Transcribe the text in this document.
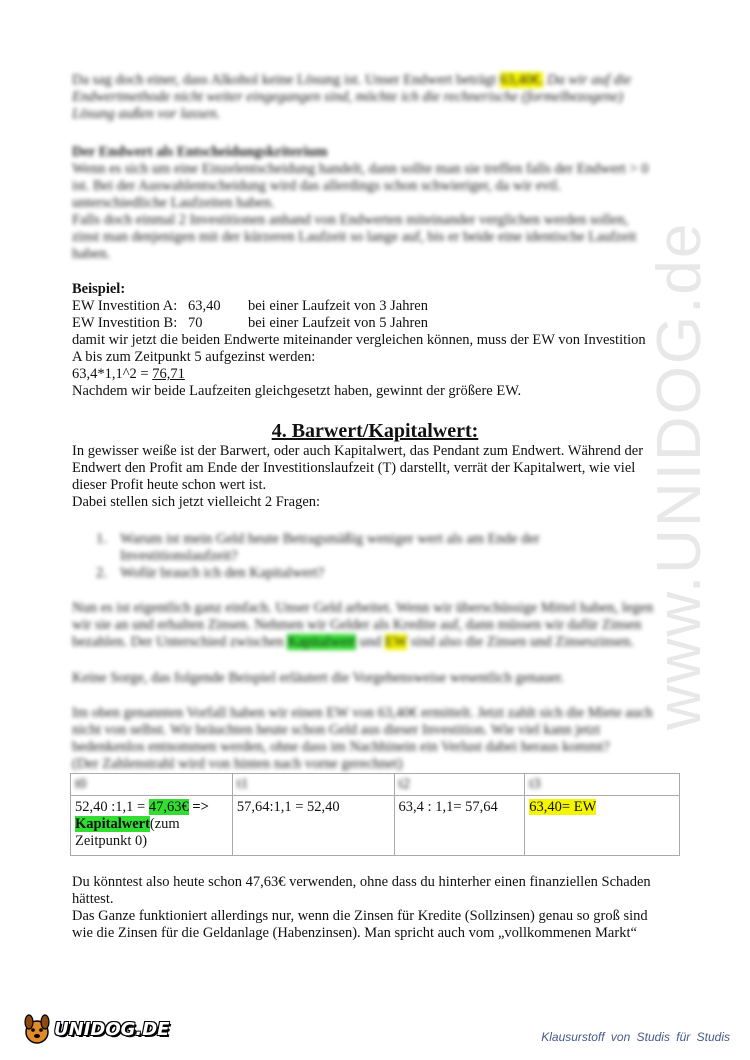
Da sag doch einer, dass Alkohol keine Lösung ist. Unser Endwert beträgt 63,40€. Da wir auf die
Endwertmethode nicht weiter eingegangen sind, möchte ich die rechnerische (formelbezogene)
Lösung außen vor lassen.
Der Endwert als Entscheidungskriterium
Wenn es sich um eine Einzelentscheidung handelt, dann sollte man sie treffen falls der Endwert > 0
ist. Bei der Auswahlentscheidung wird das allerdings schon schwieriger, da wir evtl.
unterschiedliche Laufzeiten haben.
Falls doch einmal 2 Investitionen anhand von Endwerten miteinander verglichen werden sollen,
zinst man denjenigen mit der kürzeren Laufzeit so lange auf, bis er beide eine identische Laufzeit
haben.
Beispiel:
EW Investition A: 63,40	bei einer Laufzeit von 3 Jahren
EW Investition B: 70	bei einer Laufzeit von 5 Jahren
damit wir jetzt die beiden Endwerte miteinander vergleichen können, muss der EW von Investition
A bis zum Zeitpunkt 5 aufgezinst werden:
63,4*1,1^2 = 76,71
Nachdem wir beide Laufzeiten gleichgesetzt haben, gewinnt der größere EW.
4. Barwert/Kapitalwert:
In gewisser weiße ist der Barwert, oder auch Kapitalwert, das Pendant zum Endwert. Während der
Endwert den Profit am Ende der Investitionslaufzeit (T) darstellt, verrät der Kapitalwert, wie viel
dieser Profit heute schon wert ist.
Dabei stellen sich jetzt vielleicht 2 Fragen:
1. Warum ist mein Geld heute Betragsmäßig weniger wert als am Ende der
Investitionslaufzeit?
2. Wofür brauch ich den Kapitalwert?
Nun es ist eigentlich ganz einfach. Unser Geld arbeitet. Wenn wir überschüssige Mittel haben, legen
wir sie an und erhalten Zinsen. Nehmen wir Gelder als Kredite auf, dann müssen wir dafür Zinsen
bezahlen. Der Unterschied zwischen Kapitalwert und EW sind also die Zinsen und Zinseszinsen.
Keine Sorge, das folgende Beispiel erläutert die Vorgehensweise wesentlich genauer.
Im oben genannten Vorfall haben wir einen EW von 63,40€ ermittelt. Jetzt zahlt sich die Miete auch
nicht von selbst. Wir bräuchten heute schon Geld aus dieser Investition. Wie viel kann jetzt
bedenkenlos entnommen werden, ohne dass im Nachhinein ein Verlust dabei heraus kommt?
(Der Zahlenstrahl wird von hinten nach vorne gerechnet)
t0	t1	t2	t3
52,40 :1,1 = 47,63€ =>
Kapitalwert(zum
Zeitpunkt 0)	57,64:1,1 = 52,40	63,4 : 1,1= 57,64	63,40= EW
Du könntest also heute schon 47,63€ verwenden, ohne dass du hinterher einen finanziellen Schaden
hättest.
Das Ganze funktioniert allerdings nur, wenn die Zinsen für Kredite (Sollzinsen) genau so groß sind
wie die Zinsen für die Geldanlage (Habenzinsen). Man spricht auch vom „vollkommenen Markt“
www.UNIDOG.de
UNIDOG.DE	Klausurstoff von Studis für Studis
